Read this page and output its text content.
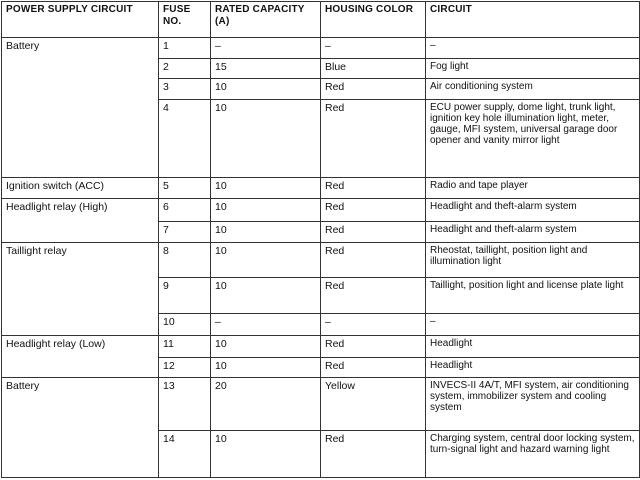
POWER SUPPLY CIRCUIT	FUSE NO.	RATED CAPACITY (A)	HOUSING COLOR	CIRCUIT
Battery	1	–	–	–
	2	15	Blue	Fog light
	3	10	Red	Air conditioning system
	4	10	Red	ECU power supply, dome light, trunk light, ignition key hole illumination light, meter, gauge, MFI system, universal garage door opener and vanity mirror light
Ignition switch (ACC)	5	10	Red	Radio and tape player
Headlight relay (High)	6	10	Red	Headlight and theft-alarm system
	7	10	Red	Headlight and theft-alarm system
Taillight relay	8	10	Red	Rheostat, taillight, position light and illumination light
	9	10	Red	Taillight, position light and license plate light
	10	–	–	–
Headlight relay (Low)	11	10	Red	Headlight
	12	10	Red	Headlight
Battery	13	20	Yellow	INVECS-II 4A/T, MFI system, air conditioning system, immobilizer system and cooling system
	14	10	Red	Charging system, central door locking system, turn-signal light and hazard warning light
